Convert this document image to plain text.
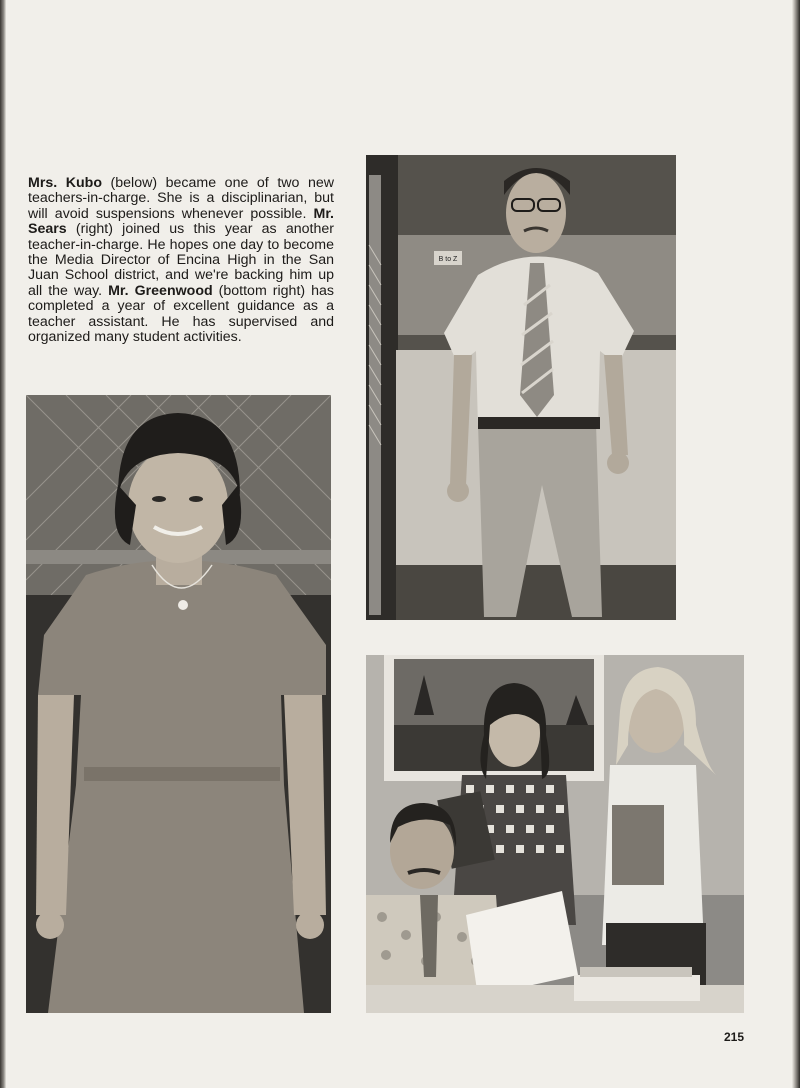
Mrs. Kubo (below) became one of two new teachers-in-charge. She is a disciplinarian, but will avoid suspensions whenever possible. Mr. Sears (right) joined us this year as another teacher-in-charge. He hopes one day to become the Media Director of Encina High in the San Juan School district, and we're backing him up all the way. Mr. Greenwood (bottom right) has completed a year of excellent guidance as a teacher assistant. He has supervised and organized many student activities.
B to Z
215
